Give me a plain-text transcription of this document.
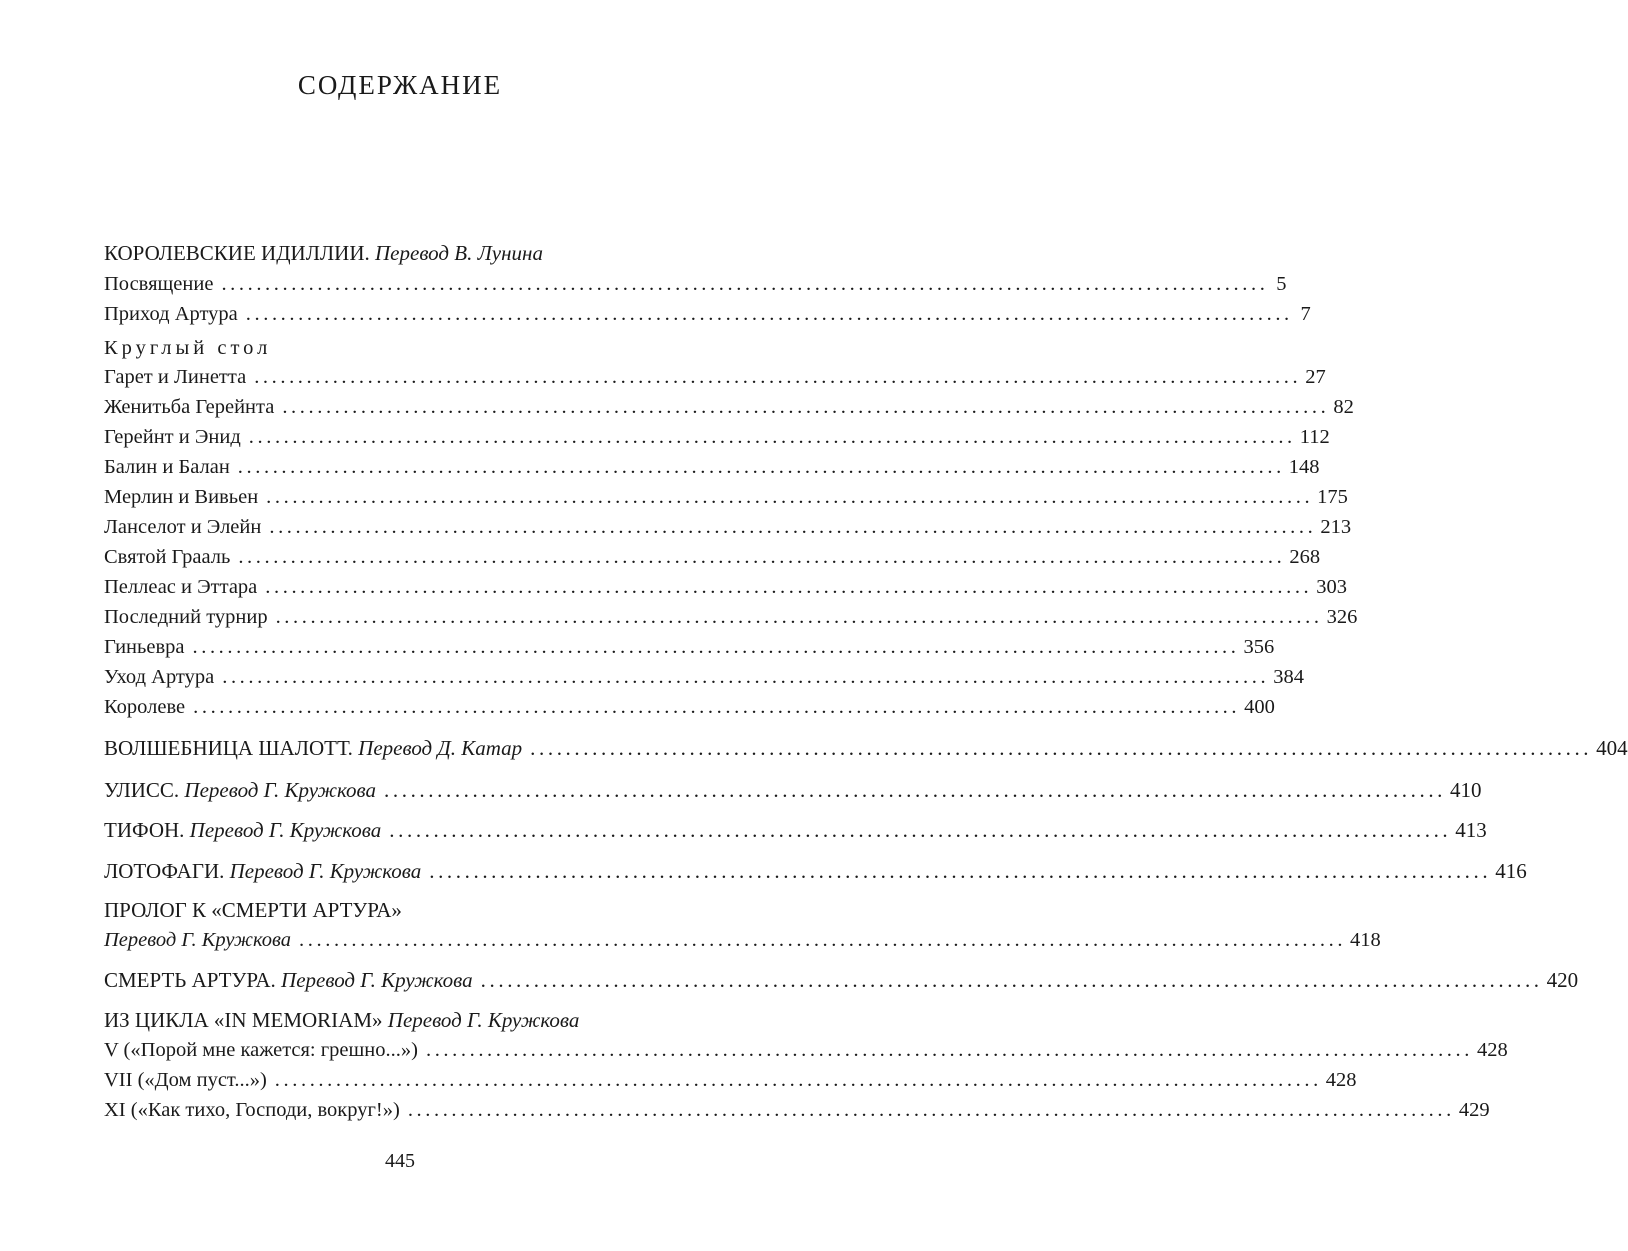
СОДЕРЖАНИЕ
КОРОЛЕВСКИЕ ИДИЛЛИИ. Перевод В. Лунина
Посвящение ........................................................................................................................ 5
Приход Артура ........................................................................................................................ 7
Круглый стол
Гарет и Линетта ........................................................................................................................ 27
Женитьба Герейнта ........................................................................................................................ 82
Герейнт и Энид ........................................................................................................................ 112
Балин и Балан ........................................................................................................................ 148
Мерлин и Вивьен ........................................................................................................................ 175
Ланселот и Элейн ........................................................................................................................ 213
Святой Грааль ........................................................................................................................ 268
Пеллеас и Эттара ........................................................................................................................ 303
Последний турнир ........................................................................................................................ 326
Гиньевра ........................................................................................................................ 356
Уход Артура ........................................................................................................................ 384
Королеве ........................................................................................................................ 400
ВОЛШЕБНИЦА ШАЛОТТ. Перевод Д. Катар ........................................................................................................................ 404
УЛИСС. Перевод Г. Кружкова ........................................................................................................................ 410
ТИФОН. Перевод Г. Кружкова ........................................................................................................................ 413
ЛОТОФАГИ. Перевод Г. Кружкова ........................................................................................................................ 416
ПРОЛОГ К «СМЕРТИ АРТУРА»
Перевод Г. Кружкова ........................................................................................................................ 418
СМЕРТЬ АРТУРА. Перевод Г. Кружкова ........................................................................................................................ 420
ИЗ ЦИКЛА «IN MEMORIAM» Перевод Г. Кружкова
V («Порой мне кажется: грешно...») ........................................................................................................................ 428
VII («Дом пуст...») ........................................................................................................................ 428
XI («Как тихо, Господи, вокруг!») ........................................................................................................................ 429
445
